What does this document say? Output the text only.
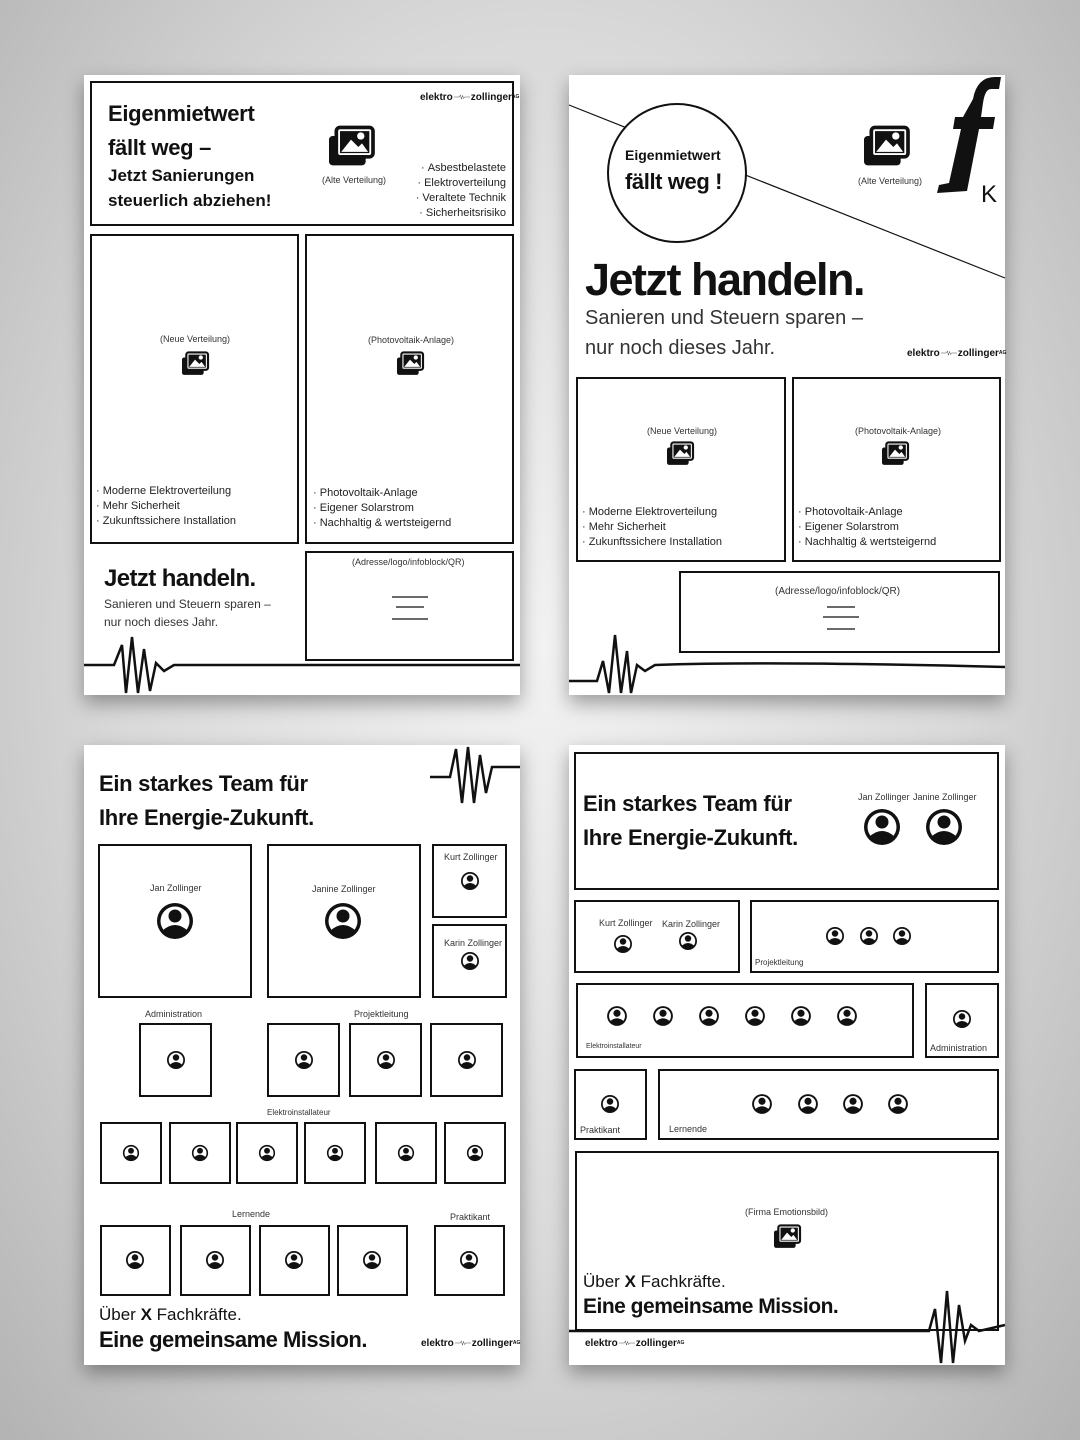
Eigenmietwert
fällt weg –
Jetzt Sanierungen
steuerlich abziehen!
(Alte Verteilung)
elektro zollinger AG
· Asbestbelastete
· Elektroverteilung
· Veraltete Technik
· Sicherheitsrisiko
(Neue Verteilung)
· Moderne Elektroverteilung
· Mehr Sicherheit
· Zukunftssichere Installation
(Photovoltaik-Anlage)
· Photovoltaik-Anlage
· Eigener Solarstrom
· Nachhaltig & wertsteigernd
Jetzt handeln.
Sanieren und Steuern sparen –
nur noch dieses Jahr.
(Adresse/logo/infoblock/QR)
Eigenmietwert
fällt weg !	(Alte Verteilung) K
Jetzt handeln.
Sanieren und Steuern sparen –
nur noch dieses Jahr.	elektro zollinger AG
(Neue Verteilung)
· Moderne Elektroverteilung
· Mehr Sicherheit
· Zukunftssichere Installation
(Photovoltaik-Anlage)
· Photovoltaik-Anlage
· Eigener Solarstrom
· Nachhaltig & wertsteigernd
(Adresse/logo/infoblock/QR)
Ein starkes Team für
Ihre Energie-Zukunft.
Jan Zollinger	Janine Zollinger
Kurt Zollinger
Karin Zollinger
Administration	Projektleitung
Elektroinstallateur
Lernende	Praktikant
Über X Fachkräfte.
Eine gemeinsame Mission.	elektro zollinger AG
Ein starkes Team für
Ihre Energie-Zukunft.
Jan Zollinger Janine Zollinger
Kurt Zollinger Karin Zollinger
Projektleitung
Elektroinstallateur	Administration
Praktikant	Lernende
(Firma Emotionsbild)
Über X Fachkräfte.
Eine gemeinsame Mission.
elektro zollinger AG
